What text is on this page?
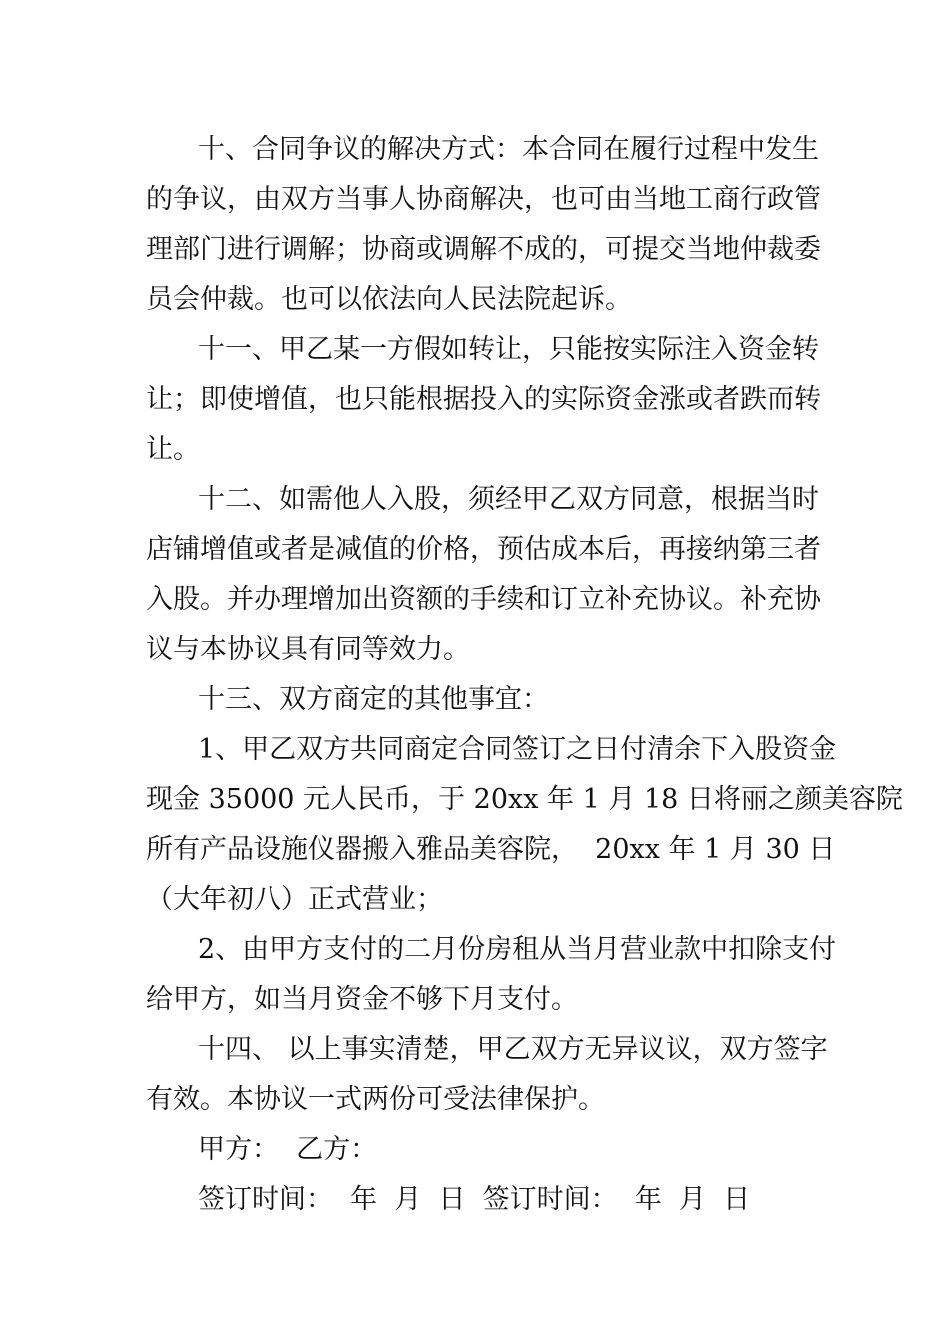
十、合同争议的解决方式：本合同在履行过程中发生

的争议，由双方当事人协商解决，也可由当地工商行政管

理部门进行调解；协商或调解不成的，可提交当地仲裁委

员会仲裁。也可以依法向人民法院起诉。

十一、甲乙某一方假如转让，只能按实际注入资金转

让；即使增值，也只能根据投入的实际资金涨或者跌而转

让。

十二、如需他人入股，须经甲乙双方同意，根据当时

店铺增值或者是减值的价格，预估成本后，再接纳第三者

入股。并办理增加出资额的手续和订立补充协议。补充协

议与本协议具有同等效力。

十三、双方商定的其他事宜：

1、甲乙双方共同商定合同签订之日付清余下入股资金

现金 35000 元人民币，于 20xx 年 1 月 18 日将丽之颜美容院

所有产品设施仪器搬入雅品美容院，  20xx 年 1 月 30 日

（大年初八）正式营业；

2、由甲方支付的二月份房租从当月营业款中扣除支付

给甲方，如当月资金不够下月支付。

十四、 以上事实清楚，甲乙双方无异议议，双方签字

有效。本协议一式两份可受法律保护。

甲方：  乙方：

签订时间：  年  月  日  签订时间：  年  月  日
